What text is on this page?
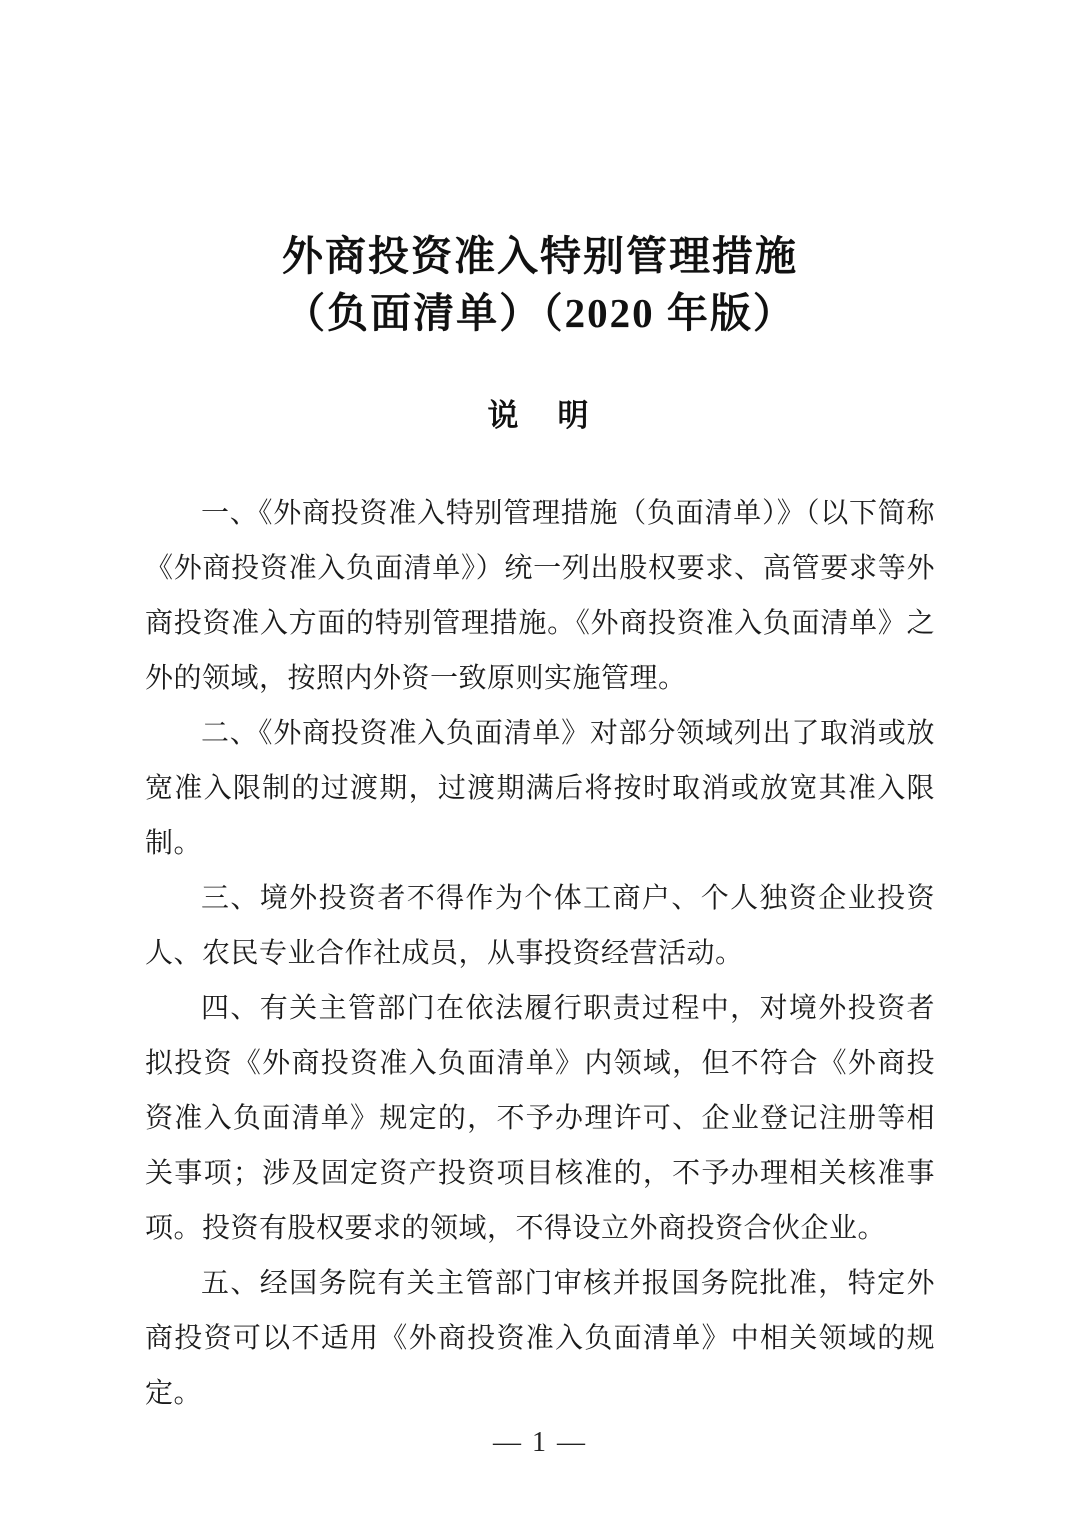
外商投资准入特别管理措施
（负面清单）（2020 年版）
说　明

一、《外商投资准入特别管理措施（负面清单）》（以下简称《外商投资准入负面清单》）统一列出股权要求、高管要求等外商投资准入方面的特别管理措施。《外商投资准入负面清单》之外的领域，按照内外资一致原则实施管理。

二、《外商投资准入负面清单》对部分领域列出了取消或放宽准入限制的过渡期，过渡期满后将按时取消或放宽其准入限制。

三、境外投资者不得作为个体工商户、个人独资企业投资人、农民专业合作社成员，从事投资经营活动。

四、有关主管部门在依法履行职责过程中，对境外投资者拟投资《外商投资准入负面清单》内领域，但不符合《外商投资准入负面清单》规定的，不予办理许可、企业登记注册等相关事项；涉及固定资产投资项目核准的，不予办理相关核准事项。投资有股权要求的领域，不得设立外商投资合伙企业。

五、经国务院有关主管部门审核并报国务院批准，特定外商投资可以不适用《外商投资准入负面清单》中相关领域的规定。

— 1 —
